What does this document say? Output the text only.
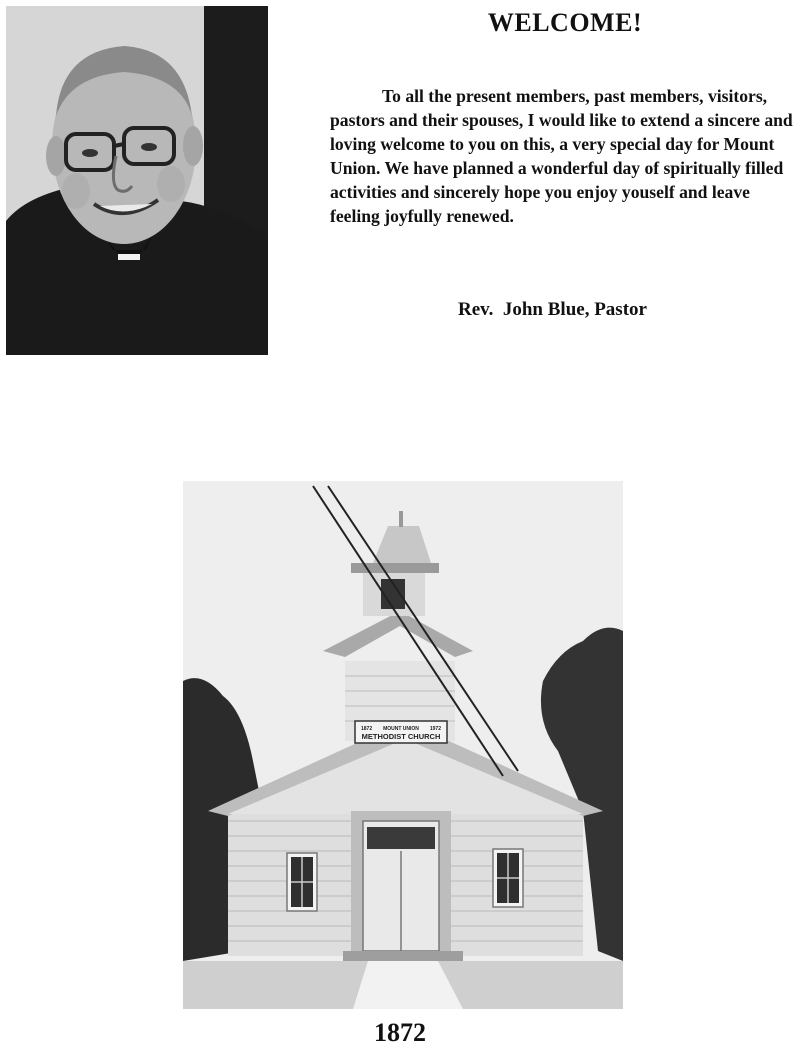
WELCOME!
To all the present members, past members, visitors, pastors and their spouses, I would like to extend a sincere and loving welcome to you on this, a very special day for Mount Union. We have planned a wonderful day of spiritually filled activities and sincerely hope you enjoy youself and leave feeling joyfully renewed.
Rev.  John Blue, Pastor
1872 MOUNT UNION 1972
METHODIST CHURCH
1872
